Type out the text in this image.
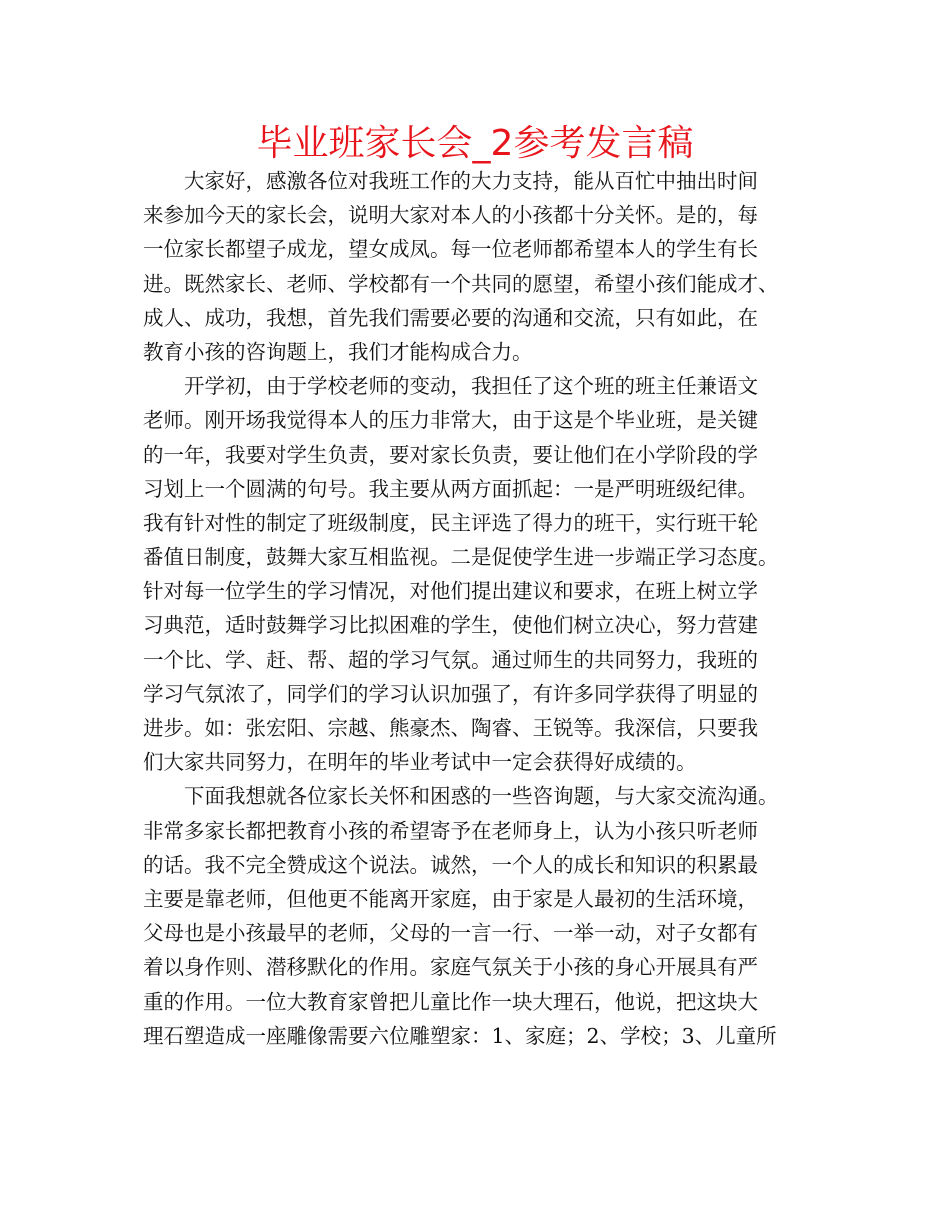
毕业班家长会_2参考发言稿

大家好，感激各位对我班工作的大力支持，能从百忙中抽出时间
来参加今天的家长会，说明大家对本人的小孩都十分关怀。是的，每
一位家长都望子成龙，望女成凤。每一位老师都希望本人的学生有长
进。既然家长、老师、学校都有一个共同的愿望，希望小孩们能成才、
成人、成功，我想，首先我们需要必要的沟通和交流，只有如此，在
教育小孩的咨询题上，我们才能构成合力。

开学初，由于学校老师的变动，我担任了这个班的班主任兼语文
老师。刚开场我觉得本人的压力非常大，由于这是个毕业班，是关键
的一年，我要对学生负责，要对家长负责，要让他们在小学阶段的学
习划上一个圆满的句号。我主要从两方面抓起：一是严明班级纪律。
我有针对性的制定了班级制度，民主评选了得力的班干，实行班干轮
番值日制度，鼓舞大家互相监视。二是促使学生进一步端正学习态度。
针对每一位学生的学习情况，对他们提出建议和要求，在班上树立学
习典范，适时鼓舞学习比拟困难的学生，使他们树立决心，努力营建
一个比、学、赶、帮、超的学习气氛。通过师生的共同努力，我班的
学习气氛浓了，同学们的学习认识加强了，有许多同学获得了明显的
进步。如：张宏阳、宗越、熊豪杰、陶睿、王锐等。我深信，只要我
们大家共同努力，在明年的毕业考试中一定会获得好成绩的。

下面我想就各位家长关怀和困惑的一些咨询题，与大家交流沟通。
非常多家长都把教育小孩的希望寄予在老师身上，认为小孩只听老师
的话。我不完全赞成这个说法。诚然，一个人的成长和知识的积累最
主要是靠老师，但他更不能离开家庭，由于家是人最初的生活环境，
父母也是小孩最早的老师，父母的一言一行、一举一动，对子女都有
着以身作则、潜移默化的作用。家庭气氛关于小孩的身心开展具有严
重的作用。一位大教育家曾把儿童比作一块大理石，他说，把这块大
理石塑造成一座雕像需要六位雕塑家：1、家庭；2、学校；3、儿童所
